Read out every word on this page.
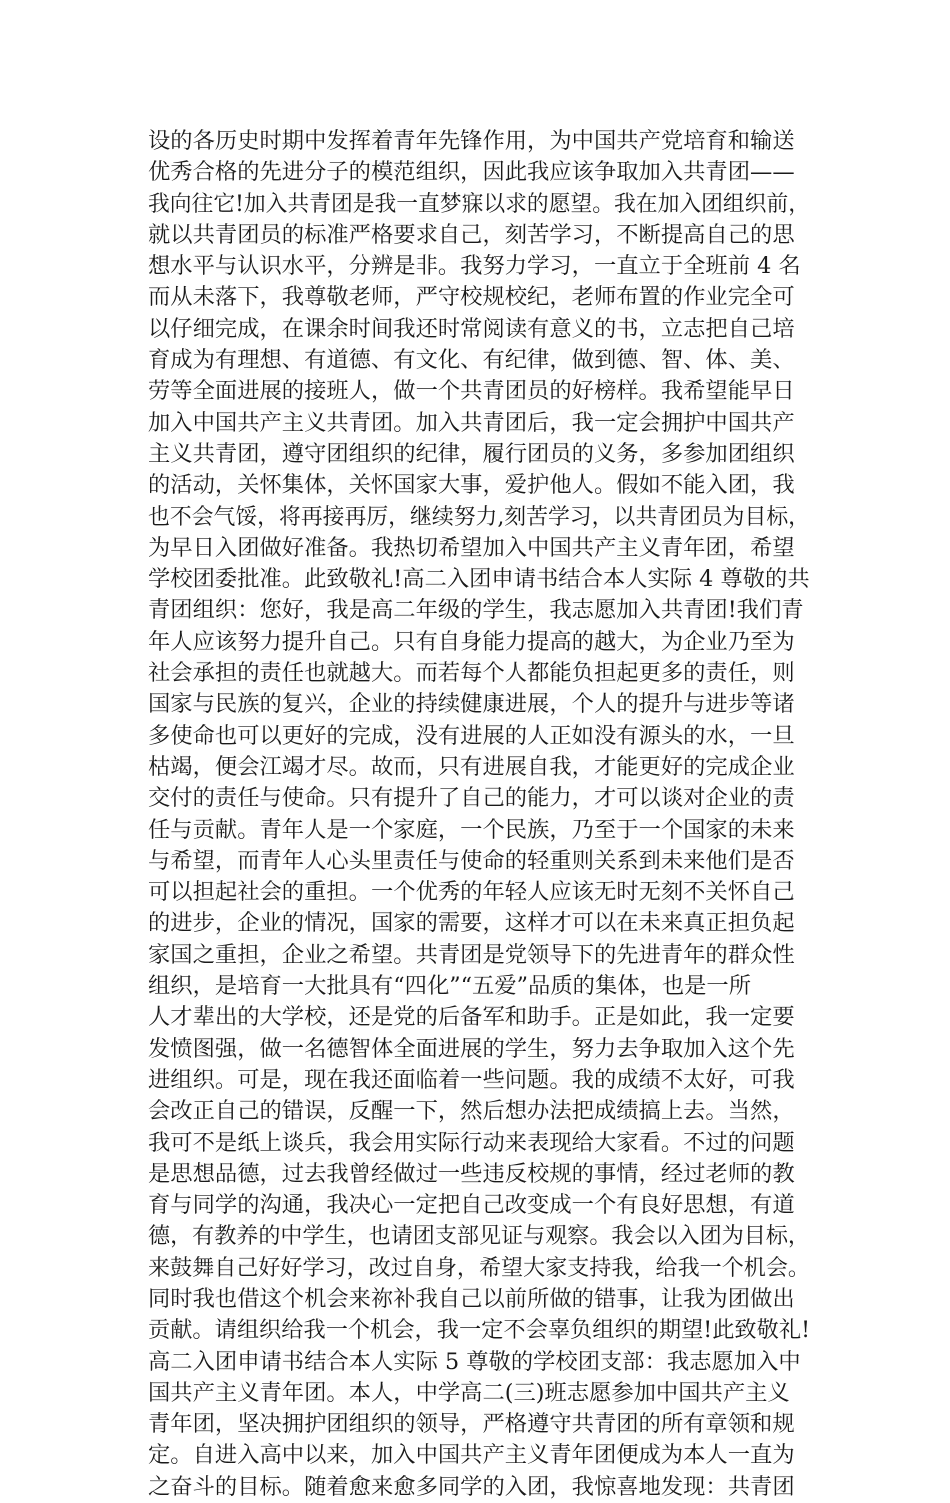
设的各历史时期中发挥着青年先锋作用，为中国共产党培育和输送
优秀合格的先进分子的模范组织，因此我应该争取加入共青团——
我向往它!加入共青团是我一直梦寐以求的愿望。我在加入团组织前，
就以共青团员的标准严格要求自己，刻苦学习，不断提高自己的思
想水平与认识水平，分辨是非。我努力学习，一直立于全班前 4 名
而从未落下，我尊敬老师，严守校规校纪，老师布置的作业完全可
以仔细完成，在课余时间我还时常阅读有意义的书，立志把自己培
育成为有理想、有道德、有文化、有纪律，做到德、智、体、美、
劳等全面进展的接班人，做一个共青团员的好榜样。我希望能早日
加入中国共产主义共青团。加入共青团后，我一定会拥护中国共产
主义共青团，遵守团组织的纪律，履行团员的义务，多参加团组织
的活动，关怀集体，关怀国家大事，爱护他人。假如不能入团，我
也不会气馁，将再接再厉，继续努力,刻苦学习，以共青团员为目标，
为早日入团做好准备。我热切希望加入中国共产主义青年团，希望
学校团委批准。此致敬礼!高二入团申请书结合本人实际 4 尊敬的共
青团组织：您好，我是高二年级的学生，我志愿加入共青团!我们青
年人应该努力提升自己。只有自身能力提高的越大，为企业乃至为
社会承担的责任也就越大。而若每个人都能负担起更多的责任，则
国家与民族的复兴，企业的持续健康进展，个人的提升与进步等诸
多使命也可以更好的完成，没有进展的人正如没有源头的水，一旦
枯竭，便会江竭才尽。故而，只有进展自我，才能更好的完成企业
交付的责任与使命。只有提升了自己的能力，才可以谈对企业的责
任与贡献。青年人是一个家庭，一个民族，乃至于一个国家的未来
与希望，而青年人心头里责任与使命的轻重则关系到未来他们是否
可以担起社会的重担。一个优秀的年轻人应该无时无刻不关怀自己
的进步，企业的情况，国家的需要，这样才可以在未来真正担负起
家国之重担，企业之希望。共青团是党领导下的先进青年的群众性
组织，是培育一大批具有“四化”“五爱”品质的集体，也是一所
人才辈出的大学校，还是党的后备军和助手。正是如此，我一定要
发愤图强，做一名德智体全面进展的学生，努力去争取加入这个先
进组织。可是，现在我还面临着一些问题。我的成绩不太好，可我
会改正自己的错误，反醒一下，然后想办法把成绩搞上去。当然，
我可不是纸上谈兵，我会用实际行动来表现给大家看。不过的问题
是思想品德，过去我曾经做过一些违反校规的事情，经过老师的教
育与同学的沟通，我决心一定把自己改变成一个有良好思想，有道
德，有教养的中学生，也请团支部见证与观察。我会以入团为目标，
来鼓舞自己好好学习，改过自身，希望大家支持我，给我一个机会。
同时我也借这个机会来祢补我自己以前所做的错事，让我为团做出
贡献。请组织给我一个机会，我一定不会辜负组织的期望!此致敬礼!
高二入团申请书结合本人实际 5 尊敬的学校团支部：我志愿加入中
国共产主义青年团。本人，中学高二(三)班志愿参加中国共产主义
青年团，坚决拥护团组织的领导，严格遵守共青团的所有章领和规
定。自进入高中以来，加入中国共产主义青年团便成为本人一直为
之奋斗的目标。随着愈来愈多同学的入团，我惊喜地发现：共青团
